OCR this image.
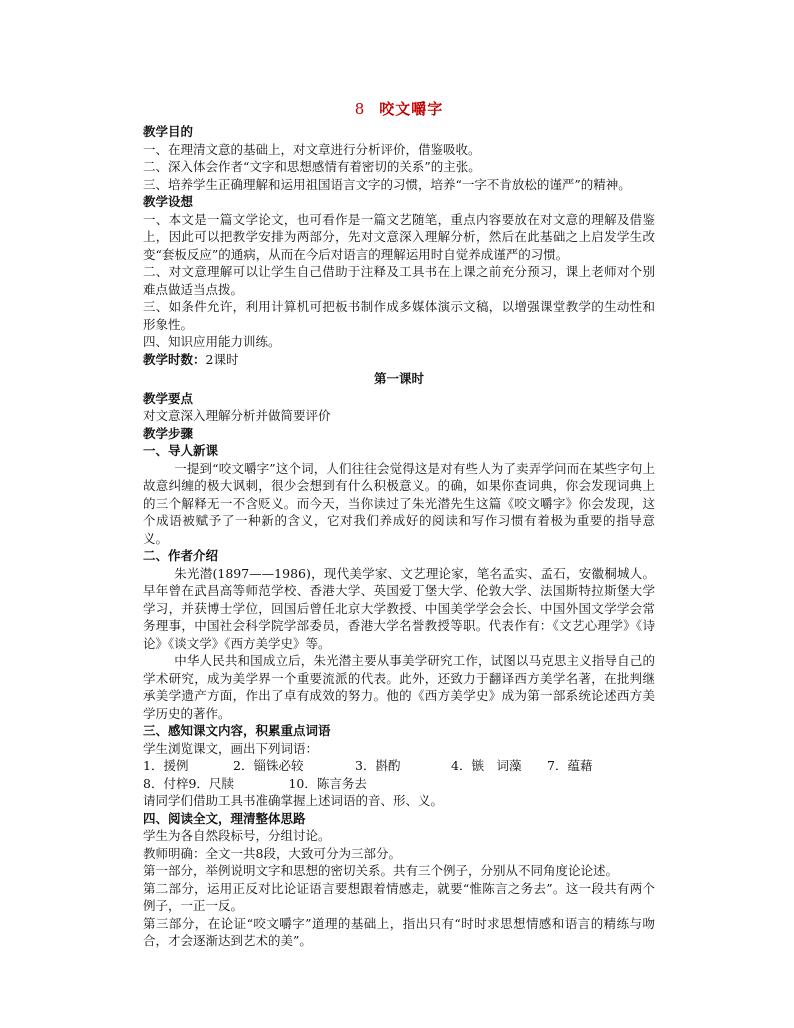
8 咬文嚼字

教学目的

一、在理清文意的基础上，对文章进行分析评价，借鉴吸收。

二、深入体会作者“文字和思想感情有着密切的关系”的主张。

三、培养学生正确理解和运用祖国语言文字的习惯，培养“一字不肯放松的谨严”的精神。

教学设想

一、本文是一篇文学论文，也可看作是一篇文艺随笔，重点内容要放在对文意的理解及借鉴上，因此可以把教学安排为两部分，先对文意深入理解分析，然后在此基础之上启发学生改变“套板反应”的通病，从而在今后对语言的理解运用时自觉养成谨严的习惯。

二、对文意理解可以让学生自己借助于注释及工具书在上课之前充分预习，课上老师对个别难点做适当点拨。

三、如条件允许，利用计算机可把板书制作成多媒体演示文稿，以增强课堂教学的生动性和形象性。

四、知识应用能力训练。

教学时数：2课时

第一课时

教学要点

对文意深入理解分析并做简要评价

教学步骤

一、导人新课

一提到“咬文嚼字”这个词，人们往往会觉得这是对有些人为了卖弄学问而在某些字句上故意纠缠的极大讽刺，很少会想到有什么积极意义。的确，如果你查词典，你会发现词典上的三个解释无一不含贬义。而今天，当你读过了朱光潜先生这篇《咬文嚼字》你会发现，这个成语被赋予了一种新的含义，它对我们养成好的阅读和写作习惯有着极为重要的指导意义。

二、作者介绍

朱光潜(1897——1986)，现代美学家、文艺理论家，笔名孟实、孟石，安徽桐城人。早年曾在武昌高等师范学校、香港大学、英国爱丁堡大学、伦敦大学、法国斯特拉斯堡大学学习，并获博士学位，回国后曾任北京大学教授、中国美学学会会长、中国外国文学学会常务理事，中国社会科学院学部委员，香港大学名誉教授等职。代表作有：《文艺心理学》《诗论》《谈文学》《西方美学史》等。

中华人民共和国成立后，朱光潜主要从事美学研究工作，试图以马克思主义指导自己的学术研究，成为美学界一个重要流派的代表。此外，还致力于翻译西方美学名著，在批判继承美学遗产方面，作出了卓有成效的努力。他的《西方美学史》成为第一部系统论述西方美学历史的著作。

三、感知课文内容，积累重点词语

学生浏览课文，画出下列词语：

1．援例	2．锱铢必较	3．斟酌	4．镞　词藻	7．蕴藉
8．付梓 9．尺牍	10．陈言务去

请同学们借助工具书准确掌握上述词语的音、形、义。

四、阅读全文，理清整体思路

学生为各自然段标号，分组讨论。

教师明确：全文一共8段，大致可分为三部分。

第一部分，举例说明文字和思想的密切关系。共有三个例子，分别从不同角度论论述。

第二部分，运用正反对比论证语言要想跟着情感走，就要“惟陈言之务去”。这一段共有两个例子，一正一反。

第三部分，在论证“咬文嚼字”道理的基础上，指出只有“时时求思想情感和语言的精练与吻合，才会逐渐达到艺术的美”。
